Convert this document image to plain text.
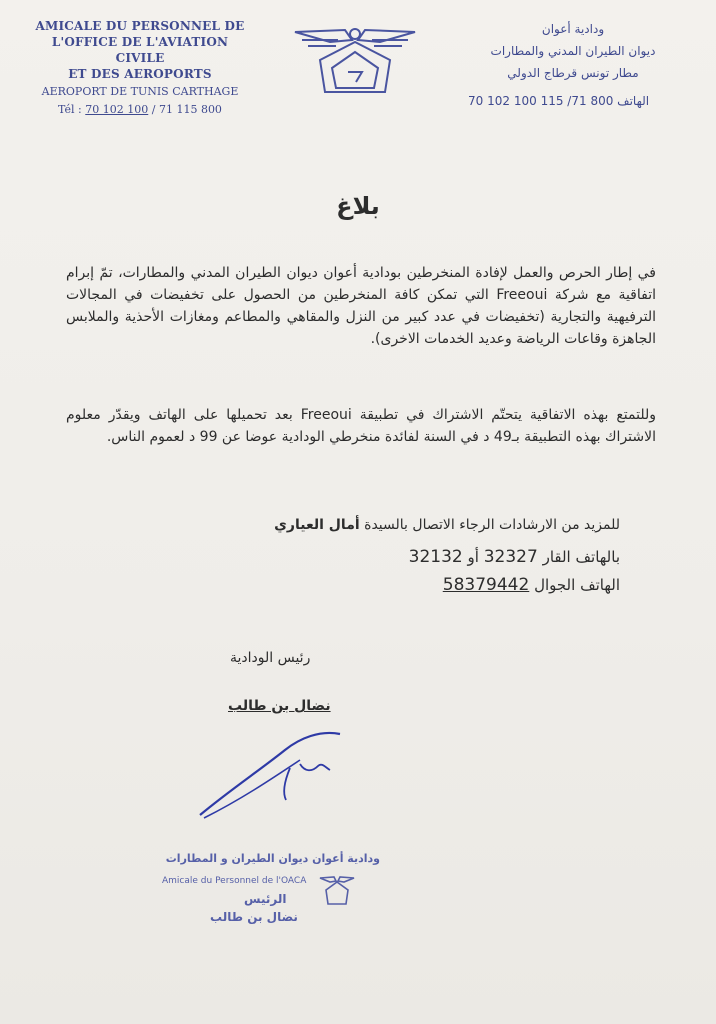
AMICALE DU PERSONNEL DE
L'OFFICE DE L'AVIATION CIVILE
ET DES AEROPORTS
AEROPORT DE TUNIS CARTHAGE
Tél : 70 102 100 / 71 115 800
ودادية أعوان
ديوان الطيران المدني والمطارات
مطار تونس قرطاج الدولي
الهاتف 800 71/ 115 100 102 70
بلاغ
في إطار الحرص والعمل لإفادة المنخرطين بودادية أعوان ديوان الطيران المدني والمطارات، تمّ إبرام اتفاقية مع شركة Freeoui التي تمكن كافة المنخرطين من الحصول على تخفيضات في المجالات الترفيهية والتجارية (تخفيضات في عدد كبير من النزل والمقاهي والمطاعم ومغازات الأحذية والملابس الجاهزة وقاعات الرياضة وعديد الخدمات الاخرى).
وللتمتع بهذه الاتفاقية يتحتّم الاشتراك في تطبيقة Freeoui بعد تحميلها على الهاتف ويقدّر معلوم الاشتراك بهذه التطبيقة بـ49 د في السنة لفائدة منخرطي الودادية عوضا عن 99 د لعموم الناس.
للمزيد من الارشادات الرجاء الاتصال بالسيدة أمال العياري
بالهاتف القار 32327 أو 32132
الهاتف الجوال 58379442
رئيس الودادية
نضال بن طالب
ودادية أعوان ديوان الطيران و المطارات
Amicale du Personnel de l'OACA
الرئيس
نضال بن طالب
